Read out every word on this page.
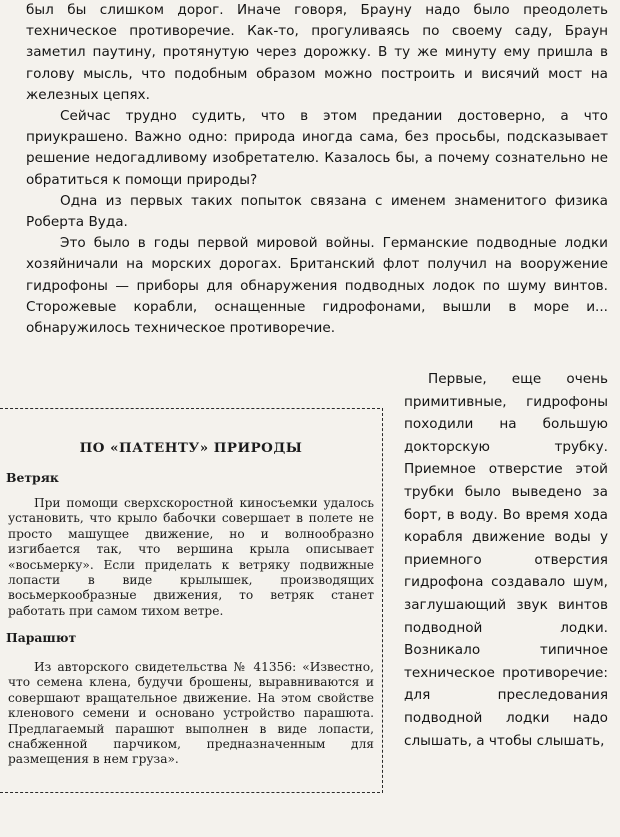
был бы слишком дорог. Иначе говоря, Брауну надо было преодолеть техническое противоречие. Как-то, прогуливаясь по своему саду, Браун заметил паутину, протянутую через дорожку. В ту же минуту ему пришла в голову мысль, что подобным образом можно построить и висячий мост на железных цепях.

Сейчас трудно судить, что в этом предании достоверно, а что приукрашено. Важно одно: природа иногда сама, без просьбы, подсказывает решение недогадливому изобретателю. Казалось бы, а почему сознательно не обратиться к помощи природы?

Одна из первых таких попыток связана с именем знаменитого физика Роберта Вуда.

Это было в годы первой мировой войны. Германские подводные лодки хозяйничали на морских дорогах. Британский флот получил на вооружение гидрофоны — приборы для обнаружения подводных лодок по шуму винтов. Сторожевые корабли, оснащенные гидрофонами, вышли в море и... обнаружилось техническое противоречие.

Первые, еще очень примитивные, гидрофоны походили на большую докторскую трубку. Приемное отверстие этой трубки было выведено за борт, в воду. Во время хода корабля движение воды у приемного отверстия гидрофона создавало шум, заглушающий звук винтов подводной лодки. Возникало типичное техническое противоречие: для преследования подводной лодки надо слышать, а чтобы слышать,

ПО «ПАТЕНТУ» ПРИРОДЫ
Ветряк

При помощи сверхскоростной киносъемки удалось установить, что крыло бабочки совершает в полете не просто машущее движение, но и волнообразно изгибается так, что вершина крыла описывает «восьмерку». Если приделать к ветряку подвижные лопасти в виде крылышек, производящих восьмеркообразные движения, то ветряк станет работать при самом тихом ветре.

Парашют

Из авторского свидетельства № 41356: «Известно, что семена клена, будучи брошены, выравниваются и совершают вращательное движение. На этом свойстве кленового семени и основано устройство парашюта. Предлагаемый парашют выполнен в виде лопасти, снабженной парчиком, предназначенным для размещения в нем груза».
